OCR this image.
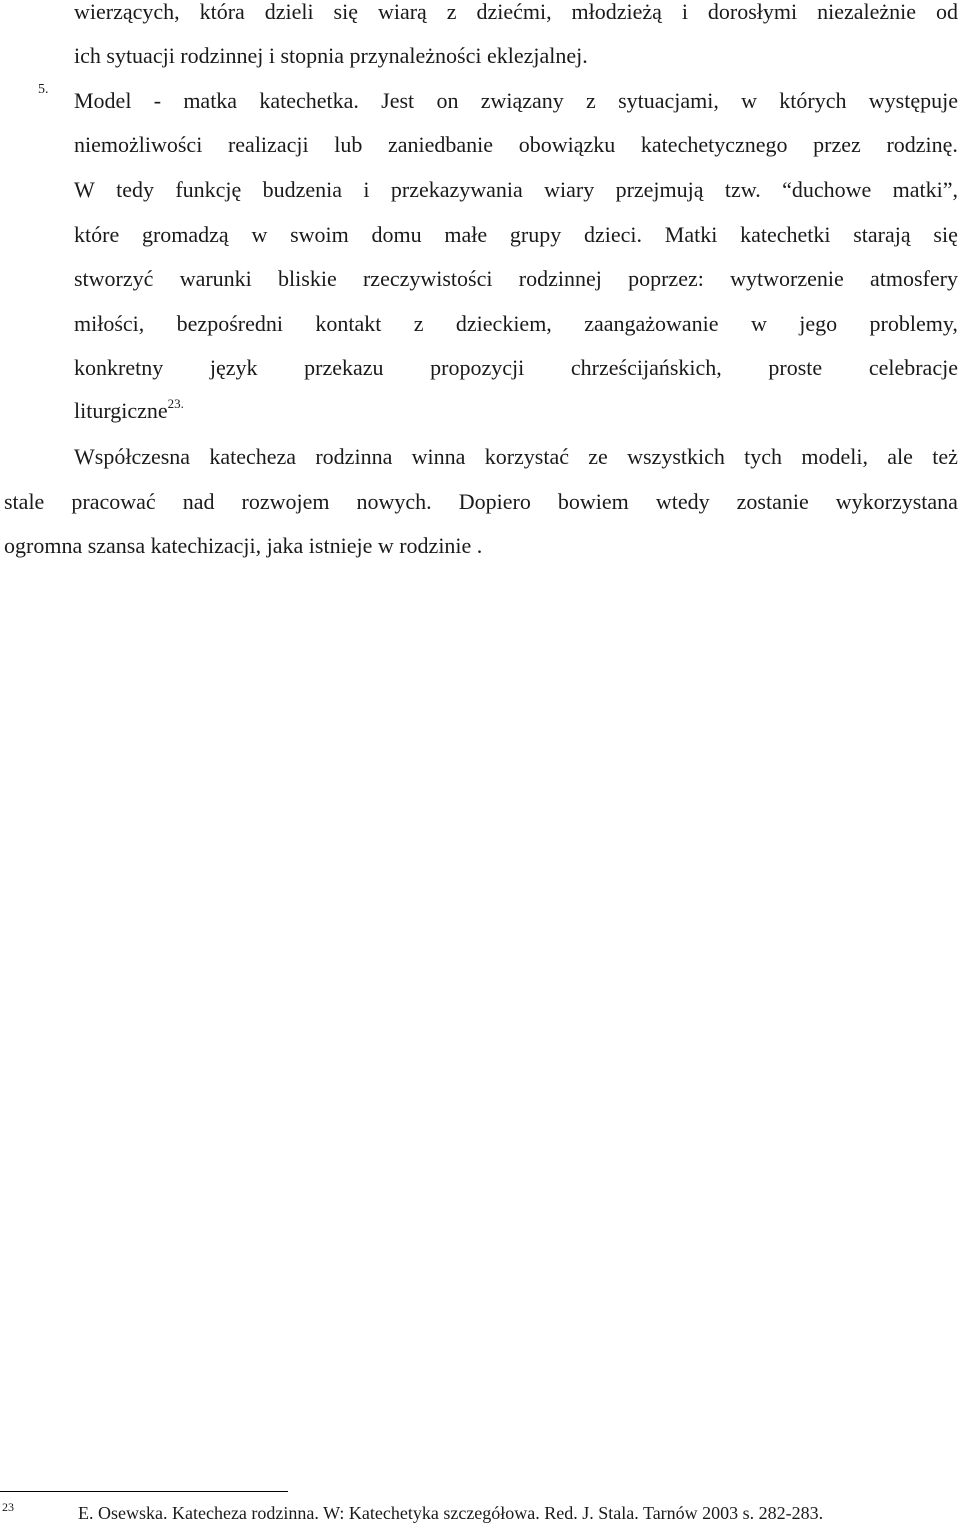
wierzących, która dzieli się wiarą z dziećmi, młodzieżą i dorosłymi niezależnie od
ich sytuacji rodzinnej i stopnia przynależności eklezjalnej.
5. Model - matka katechetka. Jest on związany z sytuacjami, w których występuje
niemożliwości realizacji lub zaniedbanie obowiązku katechetycznego przez rodzinę.
W tedy funkcję budzenia i przekazywania wiary przejmują tzw. “duchowe matki”,
które gromadzą w swoim domu małe grupy dzieci. Matki katechetki starają się
stworzyć warunki bliskie rzeczywistości rodzinnej poprzez: wytworzenie atmosfery
miłości, bezpośredni kontakt z dzieckiem, zaangażowanie w jego problemy,
konkretny język przekazu propozycji chrześcijańskich, proste celebracje
liturgiczne$^{23.}$
Współczesna katecheza rodzinna winna korzystać ze wszystkich tych modeli, ale też
stale pracować nad rozwojem nowych. Dopiero bowiem wtedy zostanie wykorzystana
ogromna szansa katechizacji, jaka istnieje w rodzinie .
23	E. Osewska. Katecheza rodzinna. W: Katechetyka szczegółowa. Red. J. Stala. Tarnów 2003 s. 282-283.
